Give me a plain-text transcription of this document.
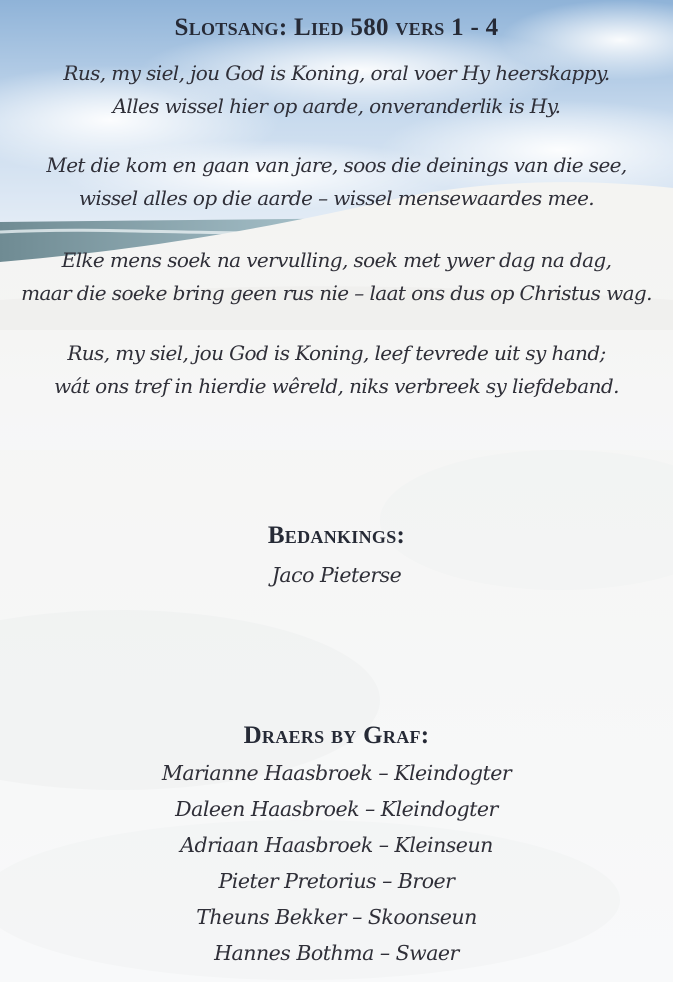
Slotsang: Lied 580 vers 1 - 4

Rus, my siel, jou God is Koning, oral voer Hy heerskappy.
Alles wissel hier op aarde, onveranderlik is Hy.

Met die kom en gaan van jare, soos die deinings van die see,
wissel alles op die aarde – wissel mensewaardes mee.

Elke mens soek na vervulling, soek met ywer dag na dag,
maar die soeke bring geen rus nie – laat ons dus op Christus wag.

Rus, my siel, jou God is Koning, leef tevrede uit sy hand;
wát ons tref in hierdie wêreld, niks verbreek sy liefdeband.

Bedankings:

Jaco Pieterse

Draers by Graf:

Marianne Haasbroek – Kleindogter
Daleen Haasbroek – Kleindogter
Adriaan Haasbroek – Kleinseun
Pieter Pretorius – Broer
Theuns Bekker – Skoonseun
Hannes Bothma – Swaer
